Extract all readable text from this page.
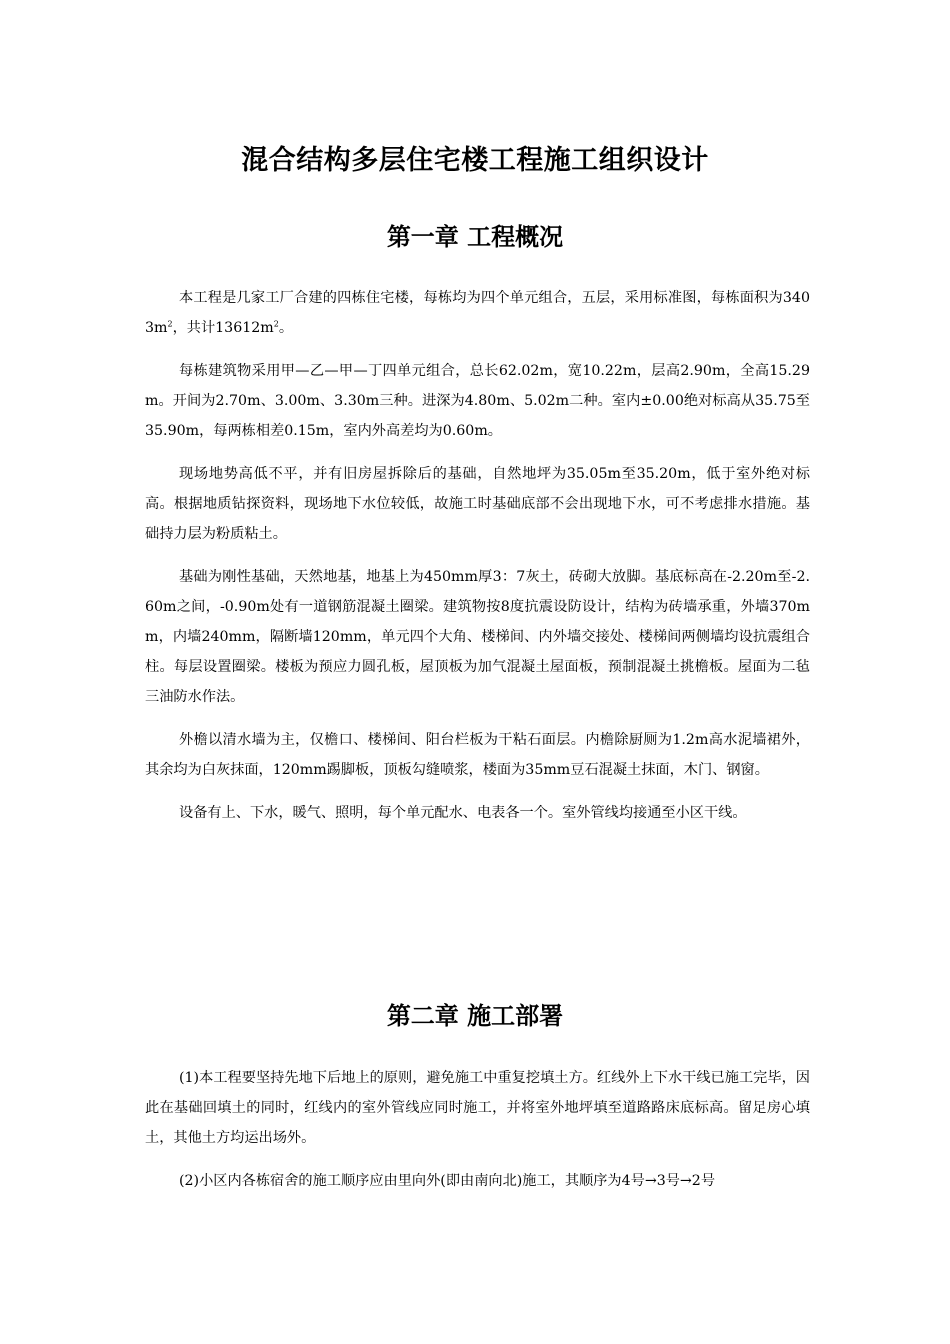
混合结构多层住宅楼工程施工组织设计
第一章 工程概况

本工程是几家工厂合建的四栋住宅楼，每栋均为四个单元组合，五层，采用标准图，每栋面积为$3403m^2$，共计$13612m^2$。

每栋建筑物采用甲—乙—甲—丁四单元组合，总长62.02m，宽10.22m，层高2.90m，全高15.29m。开间为2.70m、3.00m、3.30m三种。进深为4.80m、5.02m二种。室内±0.00绝对标高从35.75至35.90m，每两栋相差0.15m，室内外高差均为0.60m。

现场地势高低不平，并有旧房屋拆除后的基础，自然地坪为35.05m至35.20m，低于室外绝对标高。根据地质钻探资料，现场地下水位较低，故施工时基础底部不会出现地下水，可不考虑排水措施。基础持力层为粉质粘土。

基础为刚性基础，天然地基，地基上为450mm厚3：7灰土，砖砌大放脚。基底标高在-2.20m至-2.60m之间，-0.90m处有一道钢筋混凝土圈梁。建筑物按8度抗震设防设计，结构为砖墙承重，外墙370mm，内墙240mm，隔断墙120mm，单元四个大角、楼梯间、内外墙交接处、楼梯间两侧墙均设抗震组合柱。每层设置圈梁。楼板为预应力圆孔板，屋顶板为加气混凝土屋面板，预制混凝土挑檐板。屋面为二毡三油防水作法。

外檐以清水墙为主，仅檐口、楼梯间、阳台栏板为干粘石面层。内檐除厨厕为1.2m高水泥墙裙外，其余均为白灰抹面，120mm踢脚板，顶板勾缝喷浆，楼面为35mm豆石混凝土抹面，木门、钢窗。

设备有上、下水，暖气、照明，每个单元配水、电表各一个。室外管线均接通至小区干线。

第二章 施工部署

(1)本工程要坚持先地下后地上的原则，避免施工中重复挖填土方。红线外上下水干线已施工完毕，因此在基础回填土的同时，红线内的室外管线应同时施工，并将室外地坪填至道路路床底标高。留足房心填土，其他土方均运出场外。

(2)小区内各栋宿舍的施工顺序应由里向外(即由南向北)施工，其顺序为4号→3号→2号
